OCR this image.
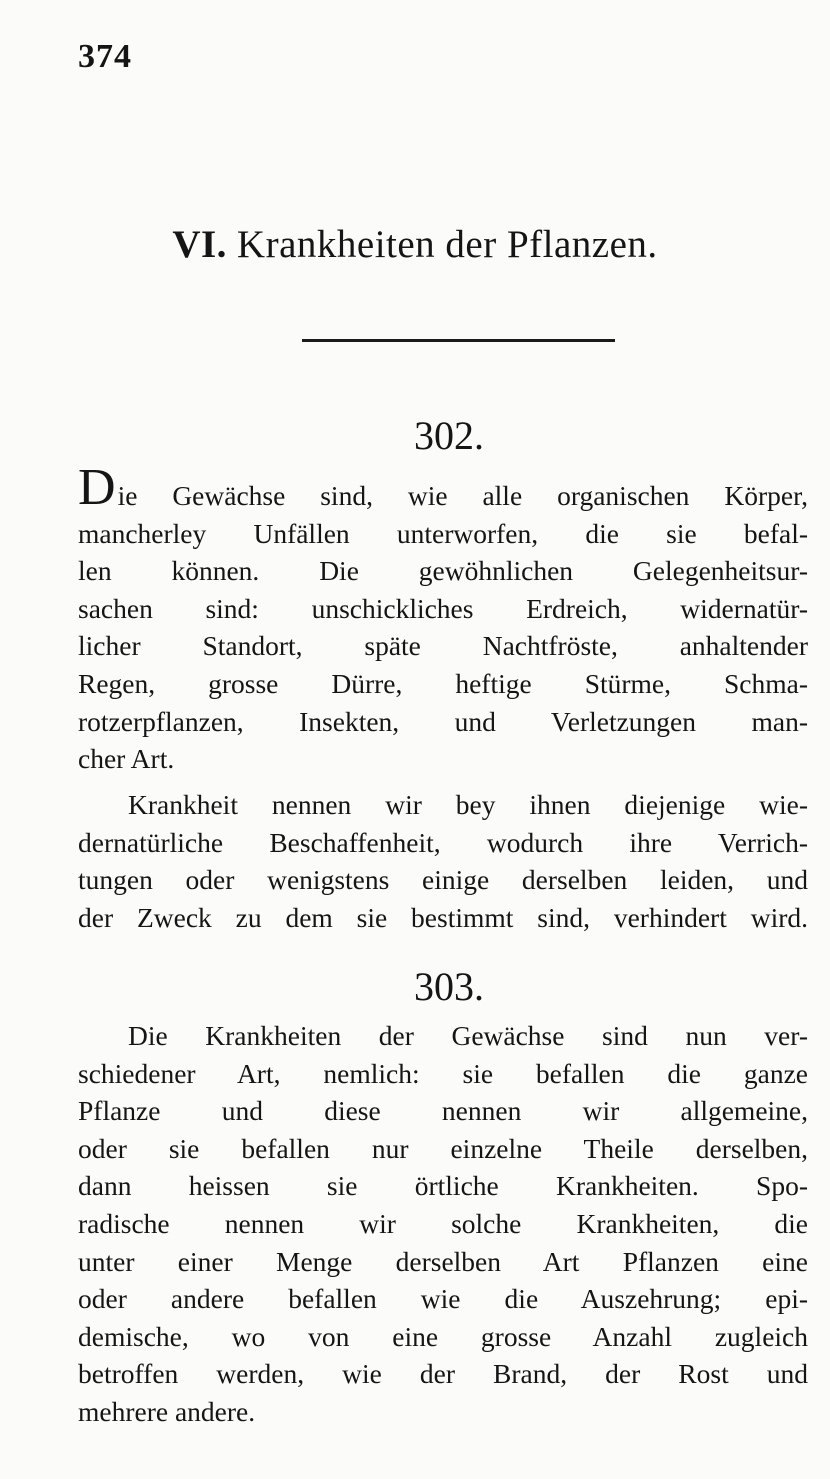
374
VI. Krankheiten der Pflanzen.
302.
Die Gewächse sind, wie alle organischen Körper,
mancherley Unfällen unterworfen, die sie befal-
len können. Die gewöhnlichen Gelegenheitsur-
sachen sind: unschickliches Erdreich, widernatür-
licher Standort, späte Nachtfröste, anhaltender
Regen, grosse Dürre, heftige Stürme, Schma-
rotzerpflanzen, Insekten, und Verletzungen man-
cher Art.
Krankheit nennen wir bey ihnen diejenige wie-
dernatürliche Beschaffenheit, wodurch ihre Verrich-
tungen oder wenigstens einige derselben leiden, und
der Zweck zu dem sie bestimmt sind, verhindert wird.
303.
Die Krankheiten der Gewächse sind nun ver-
schiedener Art, nemlich: sie befallen die ganze
Pflanze und diese nennen wir allgemeine,
oder sie befallen nur einzelne Theile derselben,
dann heissen sie örtliche Krankheiten. Spo-
radische nennen wir solche Krankheiten, die
unter einer Menge derselben Art Pflanzen eine
oder andere befallen wie die Auszehrung; epi-
demische, wo von eine grosse Anzahl zugleich
betroffen werden, wie der Brand, der Rost und
mehrere andere.
